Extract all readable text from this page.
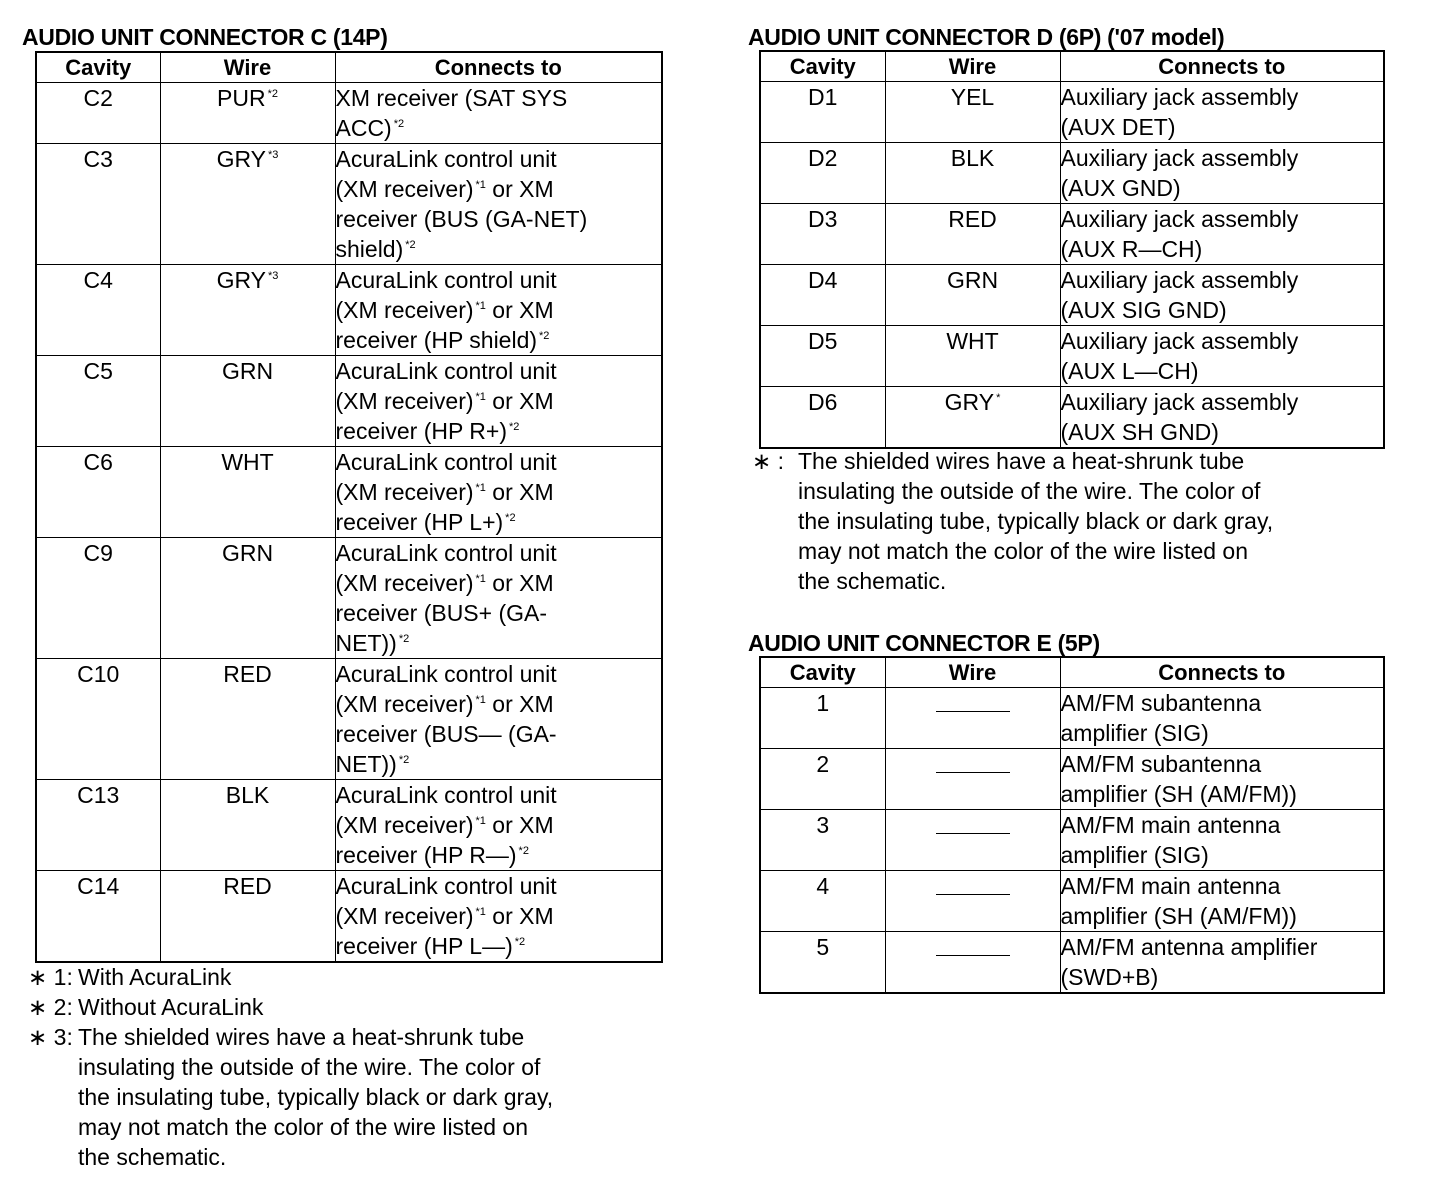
AUDIO UNIT CONNECTOR C (14P)
Cavity	Wire	Connects to
C2	PUR $^{*2}$	XM receiver (SAT SYS
ACC) $^{*2}$

C3	GRY $^{*3}$	AcuraLink control unit
(XM receiver) $^{*1}$ or XM
receiver (BUS (GA-NET)
shield) $^{*2}$

C4	GRY $^{*3}$	AcuraLink control unit
(XM receiver) $^{*1}$ or XM
receiver (HP shield) $^{*2}$

C5	GRN	AcuraLink control unit
(XM receiver) $^{*1}$ or XM
receiver (HP R+) $^{*2}$

C6	WHT	AcuraLink control unit
(XM receiver) $^{*1}$ or XM
receiver (HP L+) $^{*2}$

C9	GRN	AcuraLink control unit
(XM receiver) $^{*1}$ or XM
receiver (BUS+ (GA-
NET)) $^{*2}$

C10	RED	AcuraLink control unit
(XM receiver) $^{*1}$ or XM
receiver (BUS— (GA-
NET)) $^{*2}$

C13	BLK	AcuraLink control unit
(XM receiver) $^{*1}$ or XM
receiver (HP R—) $^{*2}$

C14	RED	AcuraLink control unit
(XM receiver) $^{*1}$ or XM
receiver (HP L—) $^{*2}$
∗ 1: With AcuraLink
∗ 2: Without AcuraLink
∗ 3: The shielded wires have a heat-shrunk tube
insulating the outside of the wire. The color of
the insulating tube, typically black or dark gray,
may not match the color of the wire listed on
the schematic.
AUDIO UNIT CONNECTOR D (6P) ('07 model)
Cavity	Wire	Connects to
D1	YEL	Auxiliary jack assembly
(AUX DET)

D2	BLK	Auxiliary jack assembly
(AUX GND)

D3	RED	Auxiliary jack assembly
(AUX R—CH)

D4	GRN	Auxiliary jack assembly
(AUX SIG GND)

D5	WHT	Auxiliary jack assembly
(AUX L—CH)

D6	GRY *	Auxiliary jack assembly
(AUX SH GND)
∗ : The shielded wires have a heat-shrunk tube
insulating the outside of the wire. The color of
the insulating tube, typically black or dark gray,
may not match the color of the wire listed on
the schematic.
AUDIO UNIT CONNECTOR E (5P)
Cavity	Wire	Connects to
1		AM/FM subantenna
amplifier (SIG)

2		AM/FM subantenna
amplifier (SH (AM/FM))

3		AM/FM main antenna
amplifier (SIG)

4		AM/FM main antenna
amplifier (SH (AM/FM))

5		AM/FM antenna amplifier
(SWD+B)
